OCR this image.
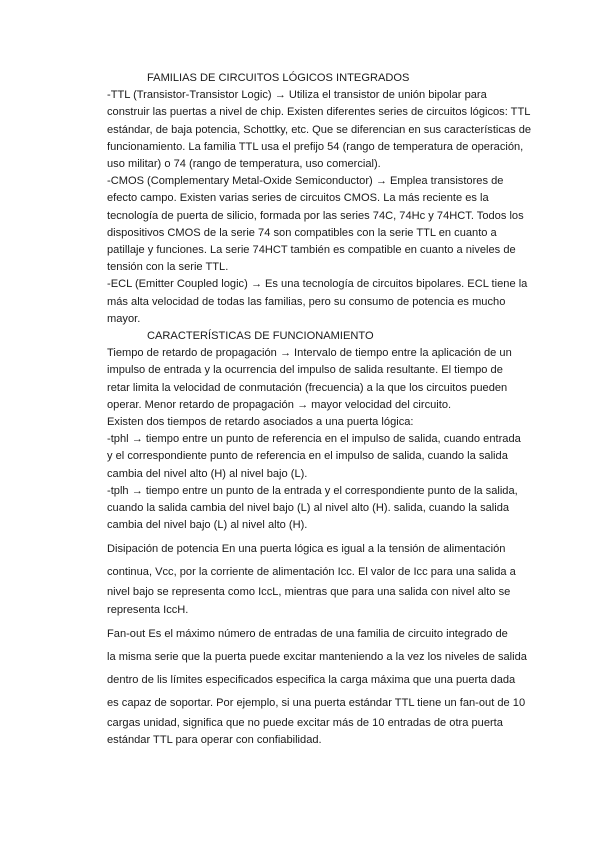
FAMILIAS DE CIRCUITOS LÓGICOS INTEGRADOS
-TTL (Transistor-Transistor Logic) → Utiliza el transistor de unión bipolar para
construir las puertas a nivel de chip. Existen diferentes series de circuitos lógicos: TTL
estándar, de baja potencia, Schottky, etc. Que se diferencian en sus características de
funcionamiento. La familia TTL usa el prefijo 54 (rango de temperatura de operación,
uso militar) o 74 (rango de temperatura, uso comercial).
-CMOS (Complementary Metal-Oxide Semiconductor) → Emplea transistores de
efecto campo. Existen varias series de circuitos CMOS. La más reciente es la
tecnología de puerta de silicio, formada por las series 74C, 74Hc y 74HCT. Todos los
dispositivos CMOS de la serie 74 son compatibles con la serie TTL en cuanto a
patillaje y funciones. La serie 74HCT también es compatible en cuanto a niveles de
tensión con la serie TTL.
-ECL (Emitter Coupled logic) → Es una tecnología de circuitos bipolares. ECL tiene la
más alta velocidad de todas las familias, pero su consumo de potencia es mucho
mayor.
CARACTERÍSTICAS DE FUNCIONAMIENTO
Tiempo de retardo de propagación → Intervalo de tiempo entre la aplicación de un
impulso de entrada y la ocurrencia del impulso de salida resultante. El tiempo de
retar limita la velocidad de conmutación (frecuencia) a la que los circuitos pueden
operar. Menor retardo de propagación → mayor velocidad del circuito.
Existen dos tiempos de retardo asociados a una puerta lógica:
-tphl → tiempo entre un punto de referencia en el impulso de salida, cuando entrada
y el correspondiente punto de referencia en el impulso de salida, cuando la salida
cambia del nivel alto (H) al nivel bajo (L).
-tplh → tiempo entre un punto de la entrada y el correspondiente punto de la salida,
cuando la salida cambia del nivel bajo (L) al nivel alto (H). salida, cuando la salida
cambia del nivel bajo (L) al nivel alto (H).
Disipación de potencia En una puerta lógica es igual a la tensión de alimentación
continua, Vcc, por la corriente de alimentación Icc. El valor de Icc para una salida a
nivel bajo se representa como IccL, mientras que para una salida con nivel alto se
representa IccH.
Fan-out Es el máximo número de entradas de una familia de circuito integrado de
la misma serie que la puerta puede excitar manteniendo a la vez los niveles de salida
dentro de lis límites especificados especifica la carga máxima que una puerta dada
es capaz de soportar. Por ejemplo, si una puerta estándar TTL tiene un fan-out de 10
cargas unidad, significa que no puede excitar más de 10 entradas de otra puerta
estándar TTL para operar con confiabilidad.
